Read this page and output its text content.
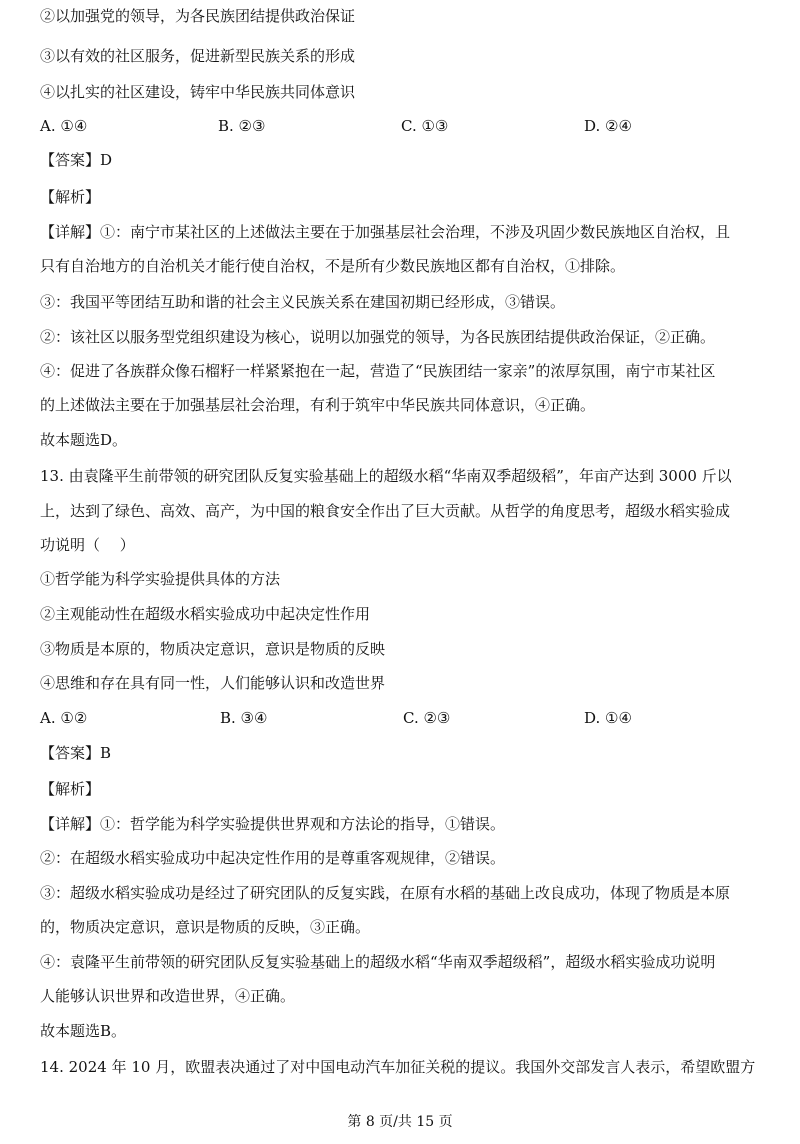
②以加强党的领导，为各民族团结提供政治保证
③以有效的社区服务，促进新型民族关系的形成
④以扎实的社区建设，铸牢中华民族共同体意识
A. ①④	B. ②③	C. ①③	D. ②④
【答案】D
【解析】
【详解】①：南宁市某社区的上述做法主要在于加强基层社会治理，不涉及巩固少数民族地区自治权，且
只有自治地方的自治机关才能行使自治权，不是所有少数民族地区都有自治权，①排除。
③：我国平等团结互助和谐的社会主义民族关系在建国初期已经形成，③错误。
②：该社区以服务型党组织建设为核心，说明以加强党的领导，为各民族团结提供政治保证，②正确。
④：促进了各族群众像石榴籽一样紧紧抱在一起，营造了“民族团结一家亲”的浓厚氛围，南宁市某社区
的上述做法主要在于加强基层社会治理，有利于筑牢中华民族共同体意识，④正确。
故本题选D。
13. 由袁隆平生前带领的研究团队反复实验基础上的超级水稻“华南双季超级稻”，年亩产达到 3000 斤以
上，达到了绿色、高效、高产，为中国的粮食安全作出了巨大贡献。从哲学的角度思考，超级水稻实验成
功说明（　 ）
①哲学能为科学实验提供具体的方法
②主观能动性在超级水稻实验成功中起决定性作用
③物质是本原的，物质决定意识，意识是物质的反映
④思维和存在具有同一性，人们能够认识和改造世界
A. ①②	B. ③④	C. ②③	D. ①④
【答案】B
【解析】
【详解】①：哲学能为科学实验提供世界观和方法论的指导，①错误。
②：在超级水稻实验成功中起决定性作用的是尊重客观规律，②错误。
③：超级水稻实验成功是经过了研究团队的反复实践，在原有水稻的基础上改良成功，体现了物质是本原
的，物质决定意识，意识是物质的反映，③正确。
④：袁隆平生前带领的研究团队反复实验基础上的超级水稻“华南双季超级稻”，超级水稻实验成功说明
人能够认识世界和改造世界，④正确。
故本题选B。
14. 2024 年 10 月，欧盟表决通过了对中国电动汽车加征关税的提议。我国外交部发言人表示，希望欧盟方
第 8 页/共 15 页
